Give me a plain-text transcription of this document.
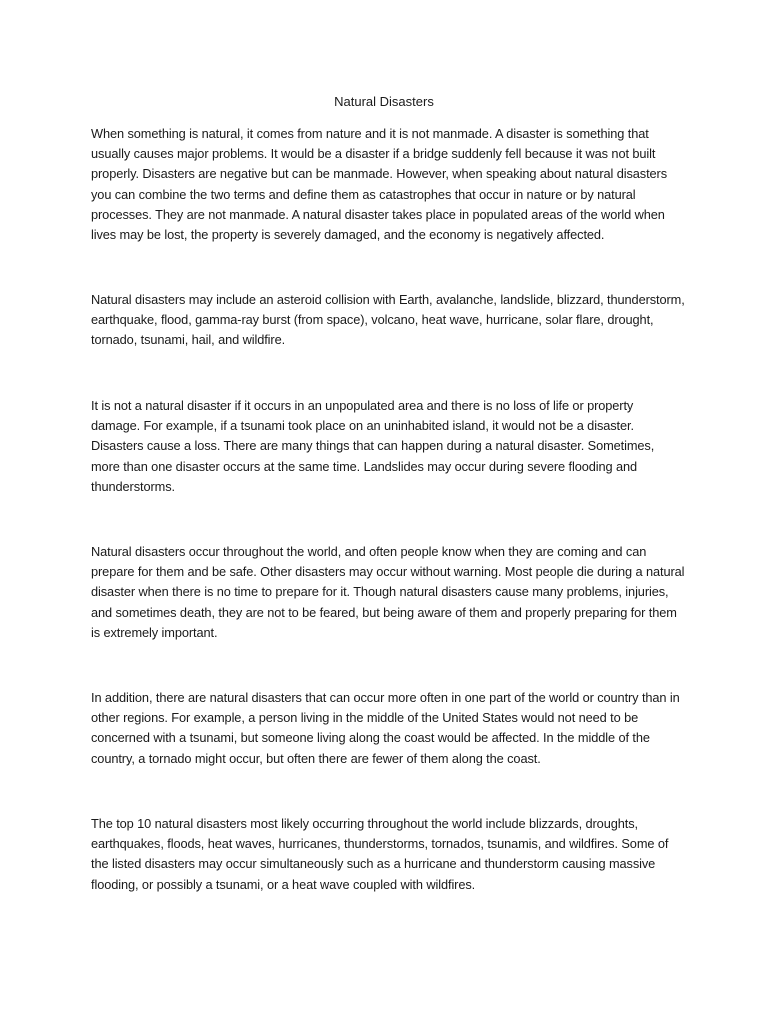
Natural Disasters

When something is natural, it comes from nature and it is not manmade. A disaster is something that usually causes major problems. It would be a disaster if a bridge suddenly fell because it was not built properly. Disasters are negative but can be manmade. However, when speaking about natural disasters you can combine the two terms and define them as catastrophes that occur in nature or by natural processes. They are not manmade. A natural disaster takes place in populated areas of the world when lives may be lost, the property is severely damaged, and the economy is negatively affected.

Natural disasters may include an asteroid collision with Earth, avalanche, landslide, blizzard, thunderstorm, earthquake, flood, gamma-ray burst (from space), volcano, heat wave, hurricane, solar flare, drought, tornado, tsunami, hail, and wildfire.

It is not a natural disaster if it occurs in an unpopulated area and there is no loss of life or property damage. For example, if a tsunami took place on an uninhabited island, it would not be a disaster. Disasters cause a loss. There are many things that can happen during a natural disaster. Sometimes, more than one disaster occurs at the same time. Landslides may occur during severe flooding and thunderstorms.

Natural disasters occur throughout the world, and often people know when they are coming and can prepare for them and be safe. Other disasters may occur without warning. Most people die during a natural disaster when there is no time to prepare for it. Though natural disasters cause many problems, injuries, and sometimes death, they are not to be feared, but being aware of them and properly preparing for them is extremely important.

In addition, there are natural disasters that can occur more often in one part of the world or country than in other regions. For example, a person living in the middle of the United States would not need to be concerned with a tsunami, but someone living along the coast would be affected. In the middle of the country, a tornado might occur, but often there are fewer of them along the coast.

The top 10 natural disasters most likely occurring throughout the world include blizzards, droughts, earthquakes, floods, heat waves, hurricanes, thunderstorms, tornados, tsunamis, and wildfires. Some of the listed disasters may occur simultaneously such as a hurricane and thunderstorm causing massive flooding, or possibly a tsunami, or a heat wave coupled with wildfires.
